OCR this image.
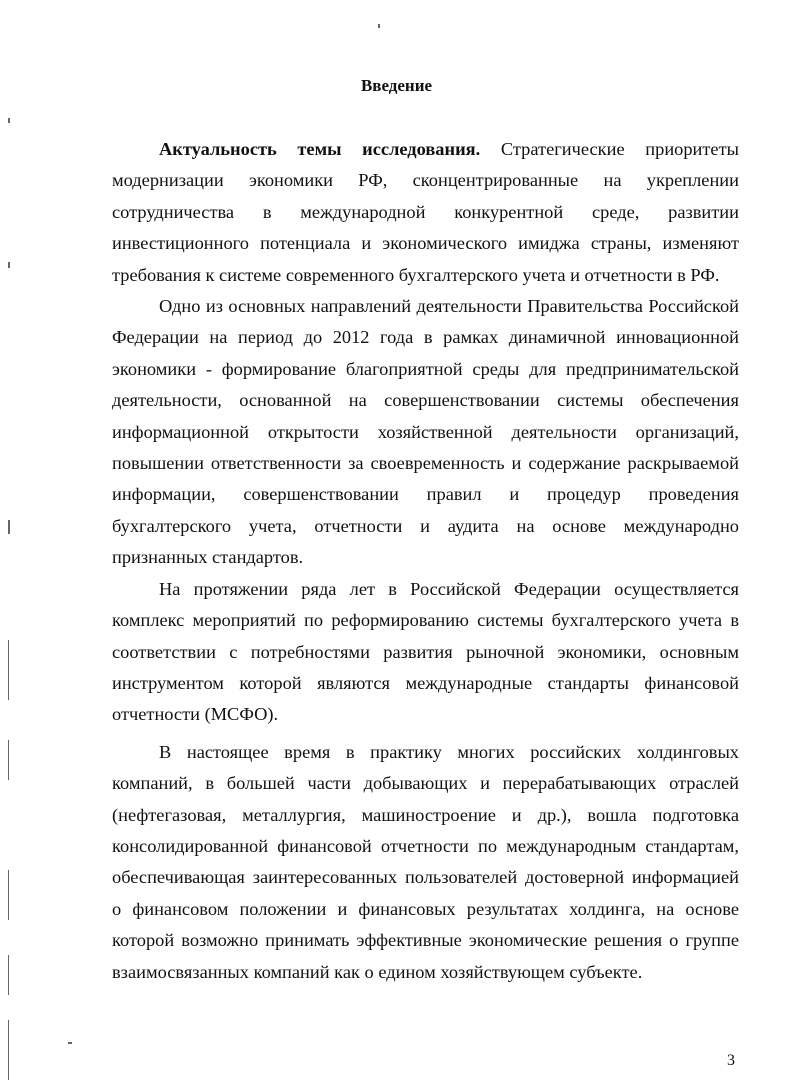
Введение

Актуальность темы исследования. Стратегические приоритеты модернизации экономики РФ, сконцентрированные на укреплении сотрудничества в международной конкурентной среде, развитии инвестиционного потенциала и экономического имиджа страны, изменяют требования к системе современного бухгалтерского учета и отчетности в РФ.

Одно из основных направлений деятельности Правительства Российской Федерации на период до 2012 года в рамках динамичной инновационной экономики - формирование благоприятной среды для предпринимательской деятельности, основанной на совершенствовании системы обеспечения информационной открытости хозяйственной деятельности организаций, повышении ответственности за своевременность и содержание раскрываемой информации, совершенствовании правил и процедур проведения бухгалтерского учета, отчетности и аудита на основе международно признанных стандартов.

На протяжении ряда лет в Российской Федерации осуществляется комплекс мероприятий по реформированию системы бухгалтерского учета в соответствии с потребностями развития рыночной экономики, основным инструментом которой являются международные стандарты финансовой отчетности (МСФО).

В настоящее время в практику многих российских холдинговых компаний, в большей части добывающих и перерабатывающих отраслей (нефтегазовая, металлургия, машиностроение и др.), вошла подготовка консолидированной финансовой отчетности по международным стандартам, обеспечивающая заинтересованных пользователей достоверной информацией о финансовом положении и финансовых результатах холдинга, на основе которой возможно принимать эффективные экономические решения о группе взаимосвязанных компаний как о едином хозяйствующем субъекте.

3
